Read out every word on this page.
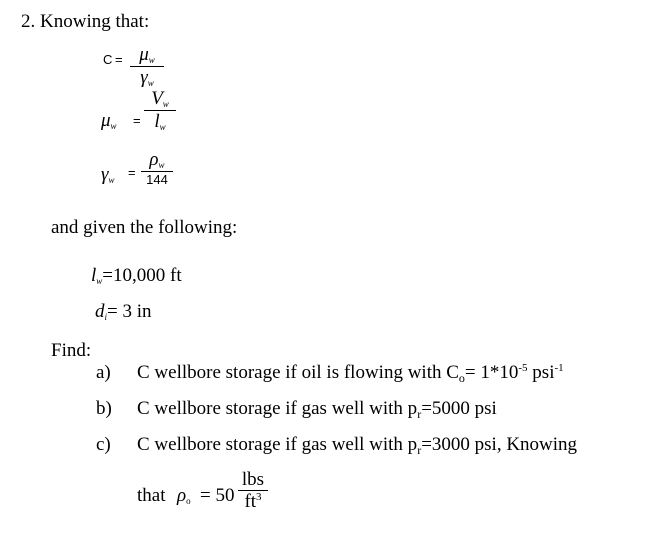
2. Knowing that:
$C = \mu_w$
$\gamma_w$
$\mu_w$ =
$V_w$
$l_w$
$\gamma_w$ =
$\rho_w$
144
and given the following:
$l_w=10,000$ ft
$d_i= 3$ in
Find:
a) C wellbore storage if oil is flowing with $C_o= 1*10^{-5}$ psi$^{-1}$
b) C wellbore storage if gas well with $p_r=5000$ psi
c) C wellbore storage if gas well with $p_r=3000$ psi, Knowing
that $\rho_o = 50$
lbs
$ft^3$
